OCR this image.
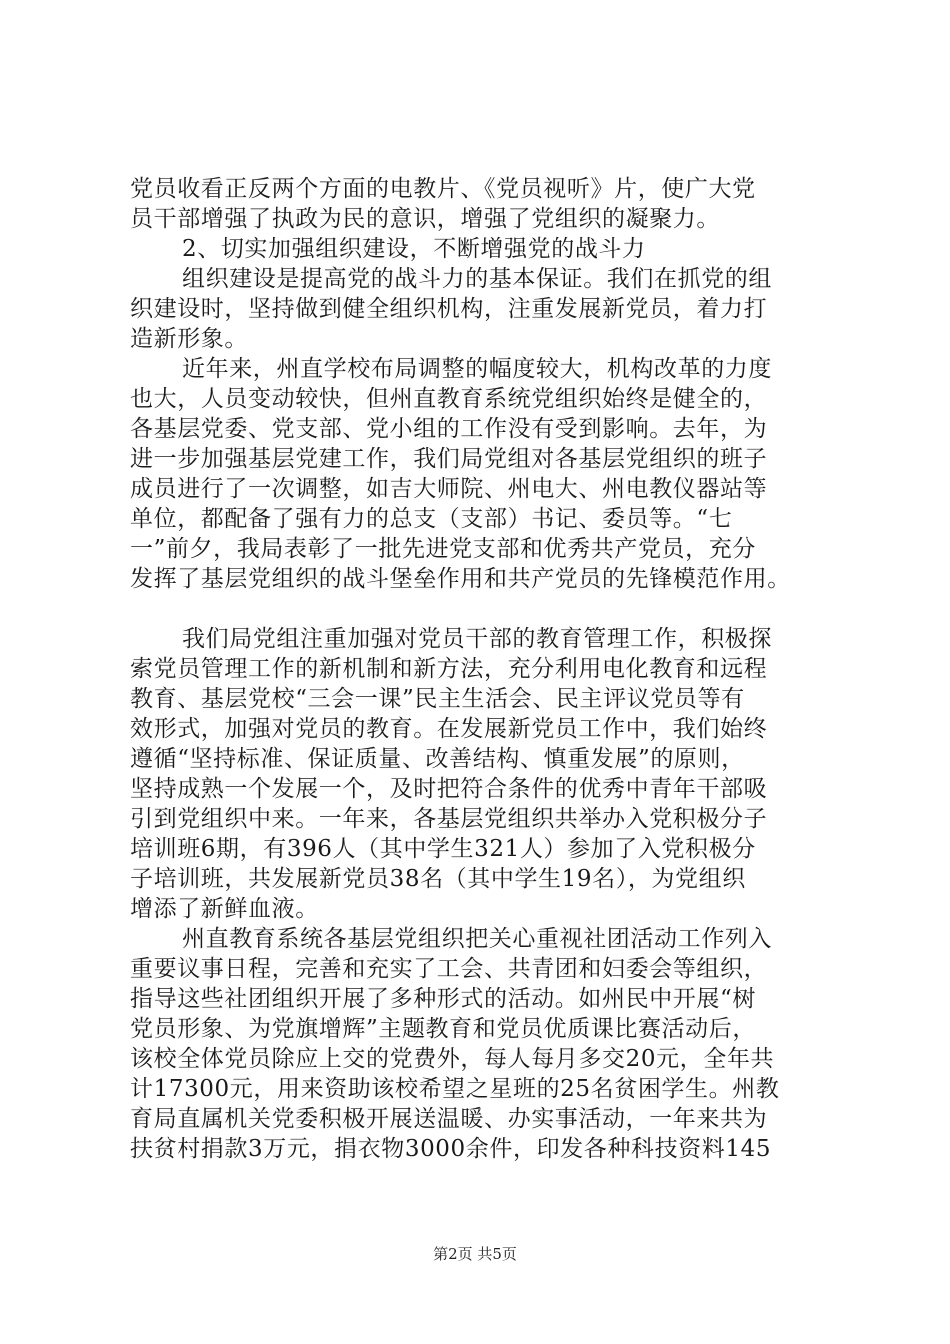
党员收看正反两个方面的电教片、《党员视听》片，使广大党
员干部增强了执政为民的意识，增强了党组织的凝聚力。
2、切实加强组织建设，不断增强党的战斗力
组织建设是提高党的战斗力的基本保证。我们在抓党的组
织建设时，坚持做到健全组织机构，注重发展新党员，着力打
造新形象。
近年来，州直学校布局调整的幅度较大，机构改革的力度
也大，人员变动较快，但州直教育系统党组织始终是健全的，
各基层党委、党支部、党小组的工作没有受到影响。去年，为
进一步加强基层党建工作，我们局党组对各基层党组织的班子
成员进行了一次调整，如吉大师院、州电大、州电教仪器站等
单位，都配备了强有力的总支（支部）书记、委员等。“七
一”前夕，我局表彰了一批先进党支部和优秀共产党员，充分
发挥了基层党组织的战斗堡垒作用和共产党员的先锋模范作用。
我们局党组注重加强对党员干部的教育管理工作，积极探
索党员管理工作的新机制和新方法，充分利用电化教育和远程
教育、基层党校“三会一课”民主生活会、民主评议党员等有
效形式，加强对党员的教育。在发展新党员工作中，我们始终
遵循“坚持标准、保证质量、改善结构、慎重发展”的原则，
坚持成熟一个发展一个，及时把符合条件的优秀中青年干部吸
引到党组织中来。一年来，各基层党组织共举办入党积极分子
培训班6期，有396人（其中学生321人）参加了入党积极分
子培训班，共发展新党员38名（其中学生19名），为党组织
增添了新鲜血液。
州直教育系统各基层党组织把关心重视社团活动工作列入
重要议事日程，完善和充实了工会、共青团和妇委会等组织，
指导这些社团组织开展了多种形式的活动。如州民中开展“树
党员形象、为党旗增辉”主题教育和党员优质课比赛活动后，
该校全体党员除应上交的党费外，每人每月多交20元，全年共
计17300元，用来资助该校希望之星班的25名贫困学生。州教
育局直属机关党委积极开展送温暖、办实事活动，一年来共为
扶贫村捐款3万元，捐衣物3000余件，印发各种科技资料145
第2页 共5页
